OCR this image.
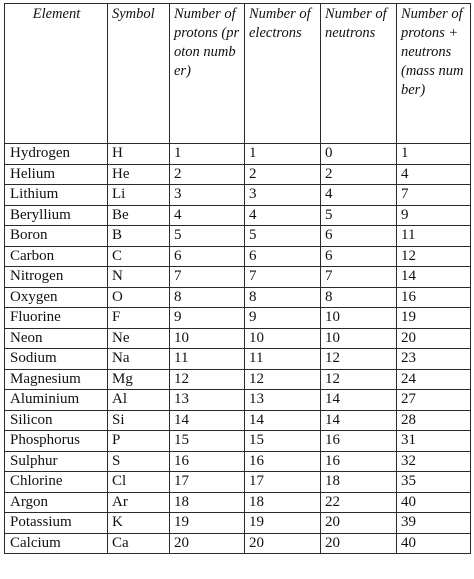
Element	Symbol	Number of protons (proton number)	Number of electrons	Number of neutrons	Number of protons + neutrons (mass number)
Hydrogen	H	1	1	0	1
Helium	He	2	2	2	4
Lithium	Li	3	3	4	7
Beryllium	Be	4	4	5	9
Boron	B	5	5	6	11
Carbon	C	6	6	6	12
Nitrogen	N	7	7	7	14
Oxygen	O	8	8	8	16
Fluorine	F	9	9	10	19
Neon	Ne	10	10	10	20
Sodium	Na	11	11	12	23
Magnesium	Mg	12	12	12	24
Aluminium	Al	13	13	14	27
Silicon	Si	14	14	14	28
Phosphorus	P	15	15	16	31
Sulphur	S	16	16	16	32
Chlorine	Cl	17	17	18	35
Argon	Ar	18	18	22	40
Potassium	K	19	19	20	39
Calcium	Ca	20	20	20	40
